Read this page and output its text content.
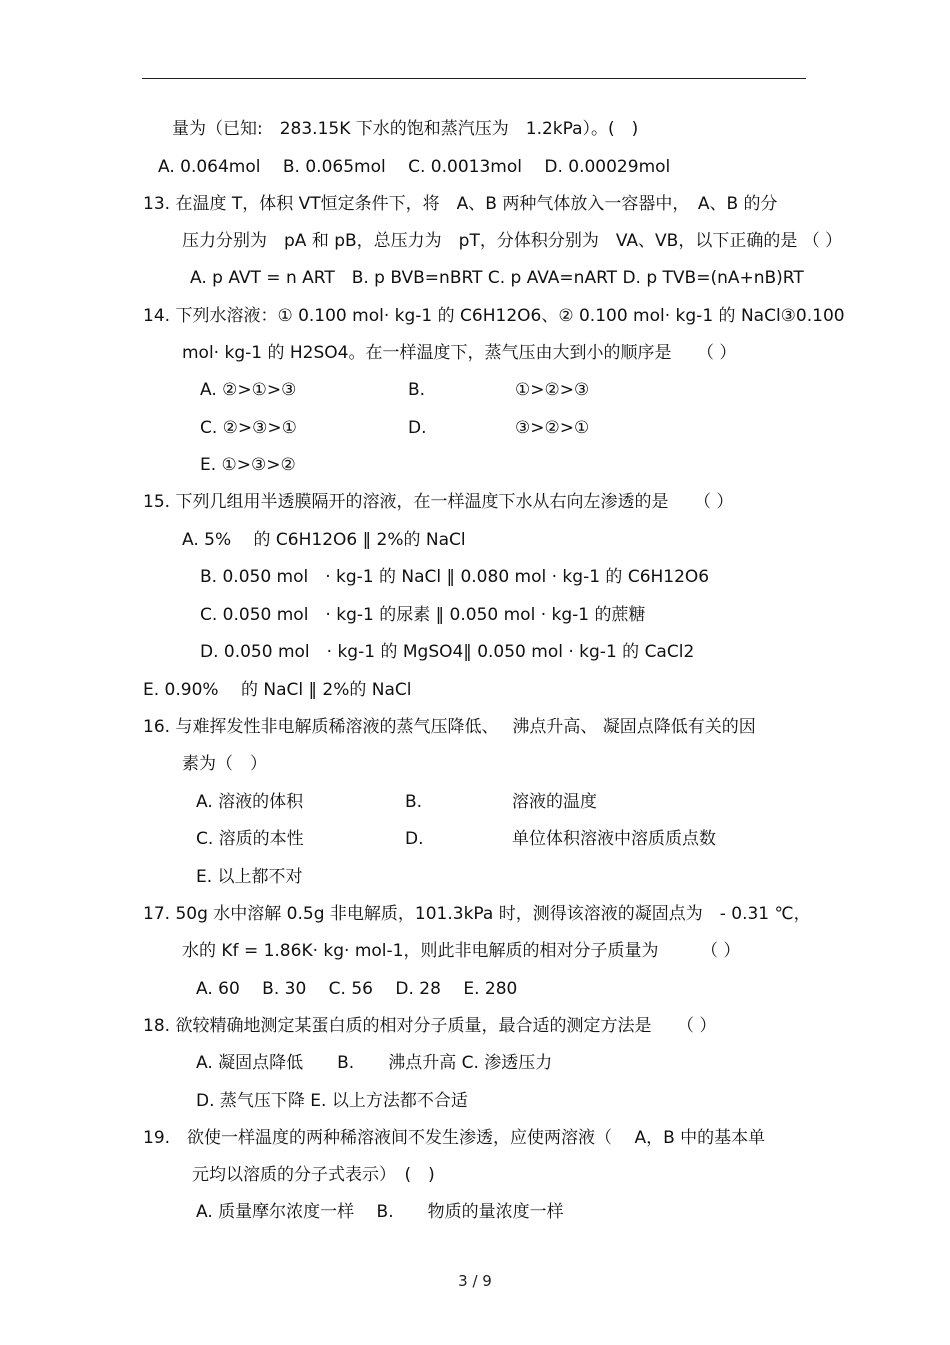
量为（已知:　283.15K 下水的饱和蒸汽压为　1.2kPa）。(　)
A. 0.064mol　 B. 0.065mol　 C. 0.0013mol　 D. 0.00029mol
13. 在温度 T，体积 VT恒定条件下，将　A、B 两种气体放入一容器中，　A、B 的分
压力分别为　pA 和 pB，总压力为　pT，分体积分别为　VA、VB，以下正确的是 （ ）
A. p AVT = n ART　B. p BVB=nBRT C. p AVA=nART D. p TVB=(nA+nB)RT
14. 下列水溶液：① 0.100 mol· kg-1 的 C6H12O6、② 0.100 mol· kg-1 的 NaCl③0.100
mol· kg-1 的 H2SO4。在一样温度下，蒸气压由大到小的顺序是　　（ ）
A. ②>①>③	B.	①>②>③
C. ②>③>①	D.	③>②>①
E. ①>③>②
15. 下列几组用半透膜隔开的溶液，在一样温度下水从右向左渗透的是　　（ ）
A. 5%　 的 C6H12O6 ‖ 2%的 NaCl
B. 0.050 mol　· kg-1 的 NaCl ‖ 0.080 mol · kg-1 的 C6H12O6
C. 0.050 mol　· kg-1 的尿素 ‖ 0.050 mol · kg-1 的蔗糖
D. 0.050 mol　· kg-1 的 MgSO4‖ 0.050 mol · kg-1 的 CaCl2
E. 0.90%　 的 NaCl ‖ 2%的 NaCl
16. 与难挥发性非电解质稀溶液的蒸气压降低、　 沸点升高、 凝固点降低有关的因
素为（　）
A. 溶液的体积	B.	溶液的温度
C. 溶质的本性	D.	单位体积溶液中溶质质点数
E. 以上都不对
17. 50g 水中溶解 0.5g 非电解质，101.3kPa 时，测得该溶液的凝固点为　- 0.31 ℃，
水的 Kf = 1.86K· kg· mol-1，则此非电解质的相对分子质量为　　　（ ）
A. 60　 B. 30　 C. 56　 D. 28　 E. 280
18. 欲较精确地测定某蛋白质的相对分子质量，最合适的测定方法是　　（ ）
A. 凝固点降低　　B.　　沸点升高 C. 渗透压力
D. 蒸气压下降 E. 以上方法都不合适
19.　欲使一样温度的两种稀溶液间不发生渗透，应使两溶液（　 A，B 中的基本单
元均以溶质的分子式表示）　(　)
A. 质量摩尔浓度一样　 B.　　物质的量浓度一样
3 / 9
